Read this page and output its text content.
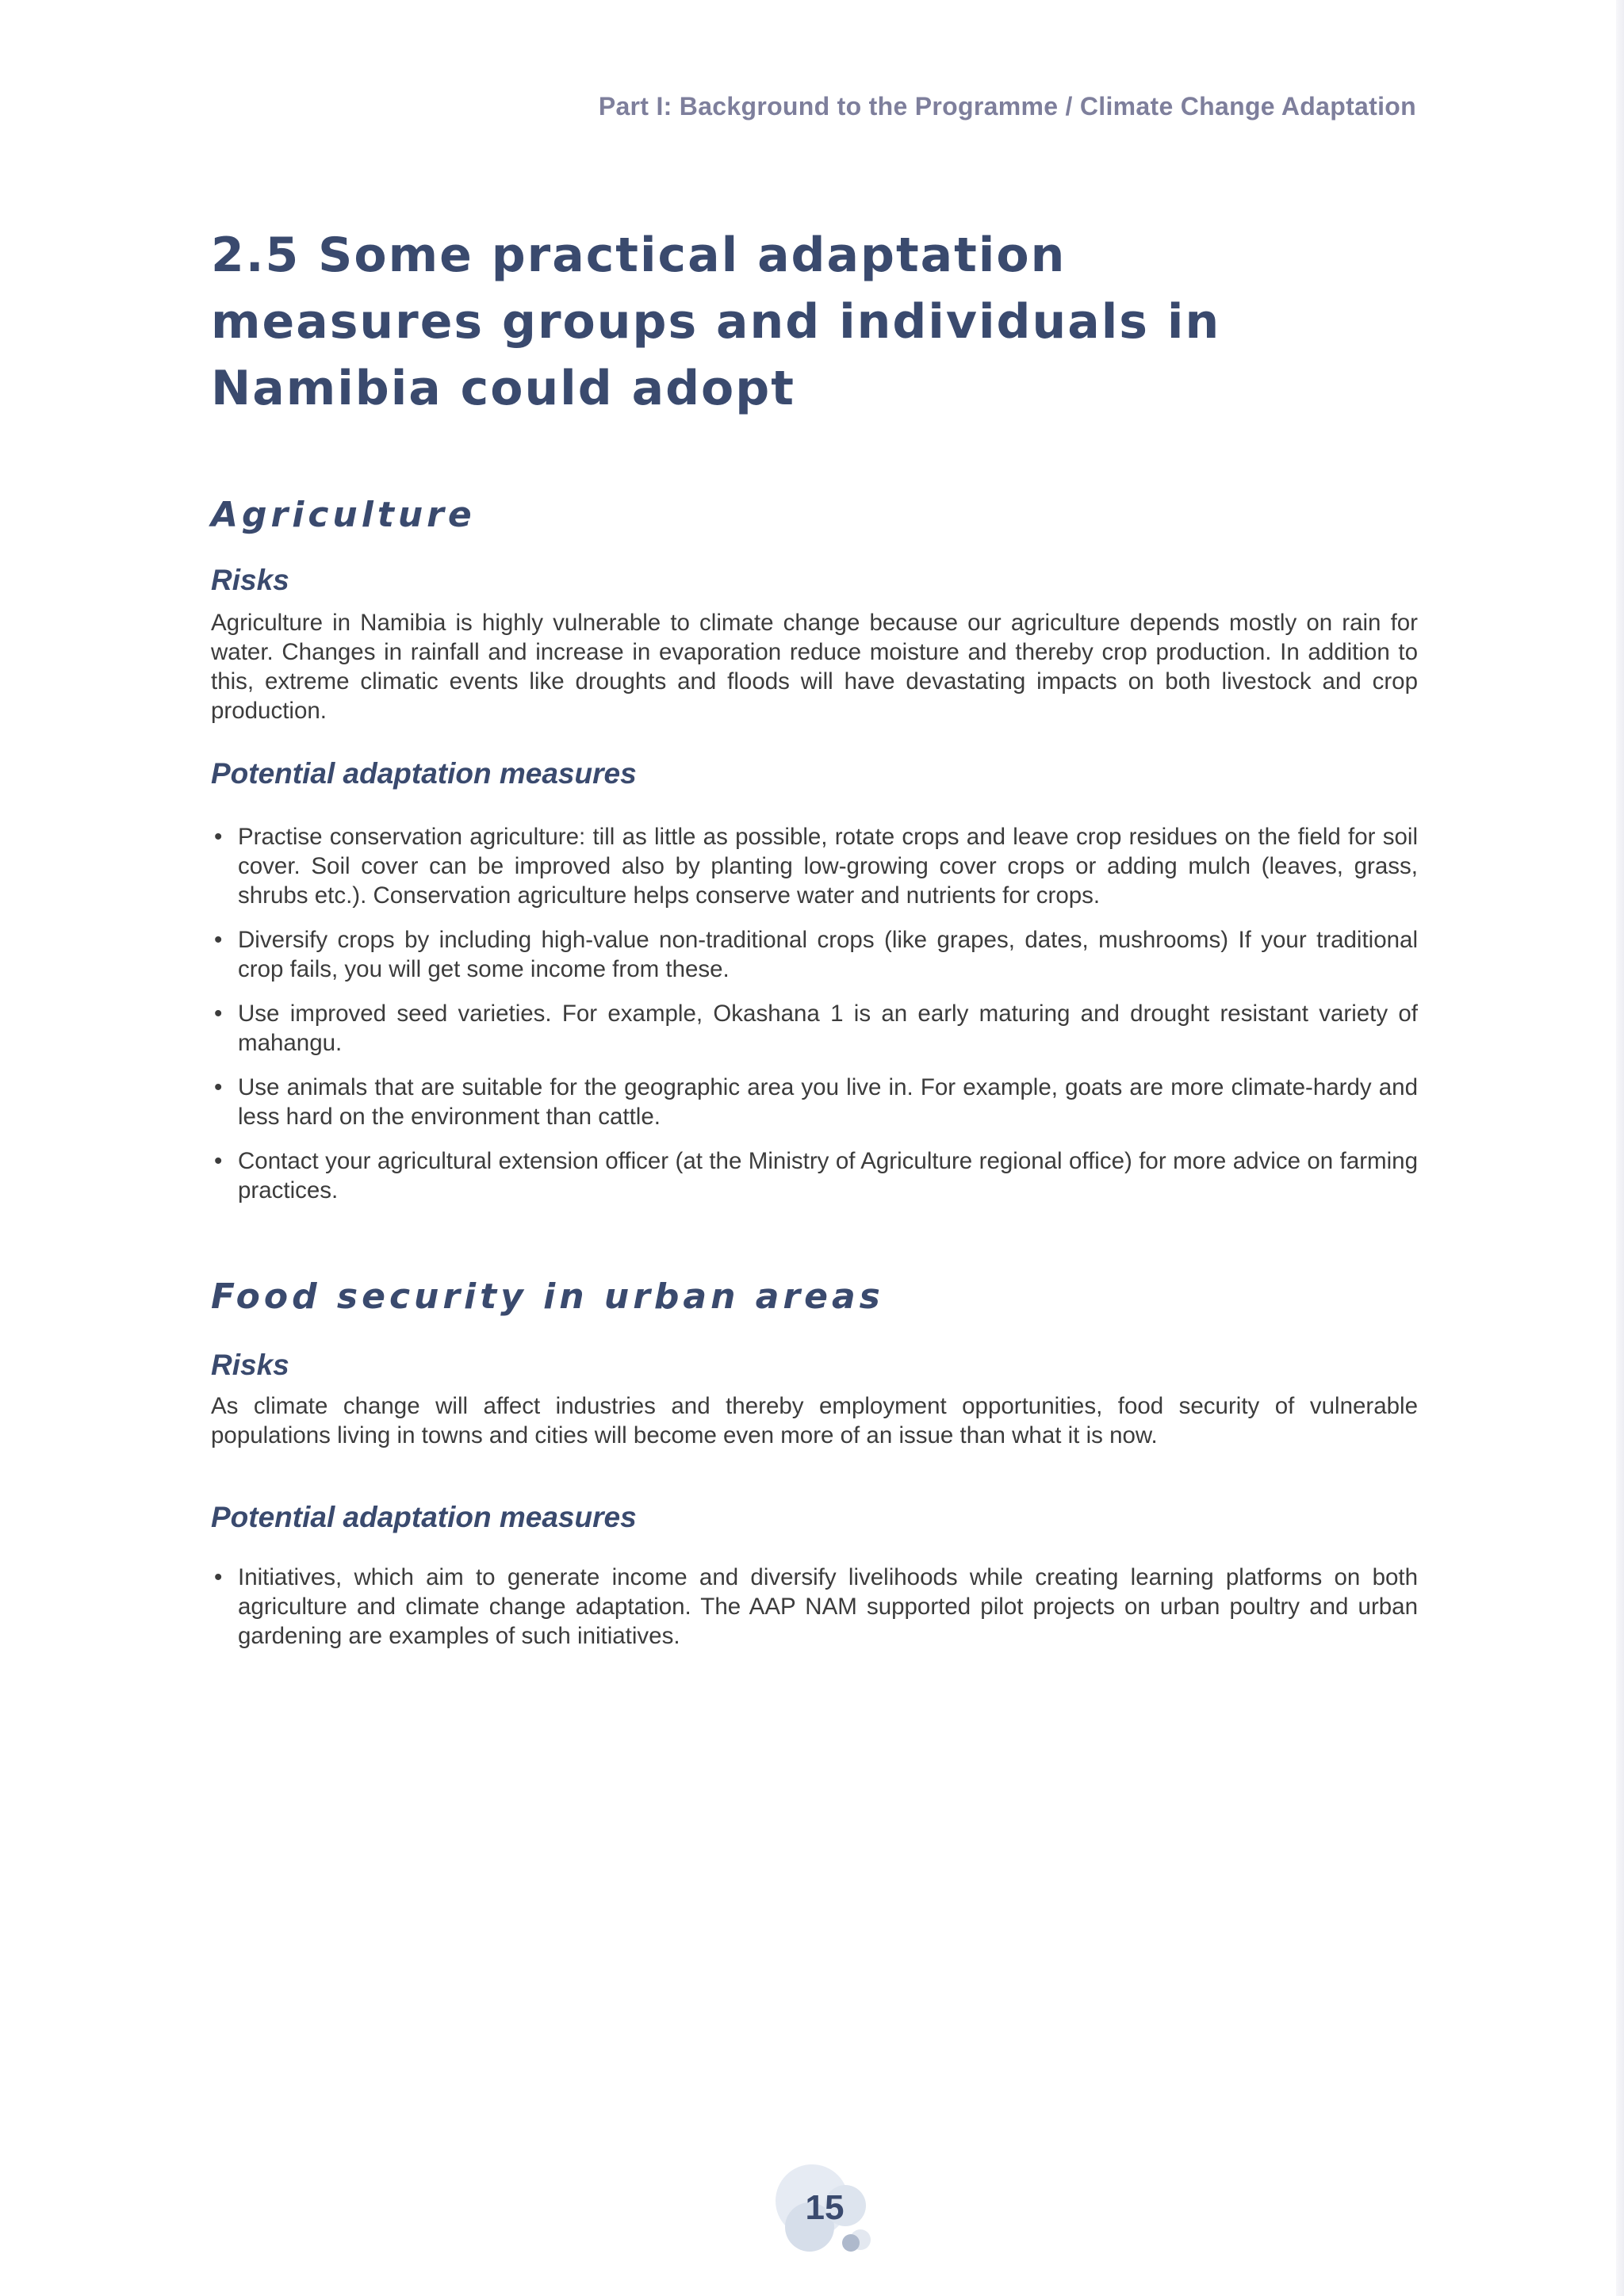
Part I: Background to the Programme / Climate Change Adaptation
2.5 Some practical adaptation measures groups and individuals in Namibia could adopt
Agriculture
Risks

Agriculture in Namibia is highly vulnerable to climate change because our agriculture depends mostly on rain for water. Changes in rainfall and increase in evaporation reduce moisture and thereby crop production. In addition to this, extreme climatic events like droughts and floods will have devastating impacts on both livestock and crop production.

Potential adaptation measures
• Practise conservation agriculture: till as little as possible, rotate crops and leave crop residues on the field for soil cover. Soil cover can be improved also by planting low-growing cover crops or adding mulch (leaves, grass, shrubs etc.). Conservation agriculture helps conserve water and nutrients for crops.
• Diversify crops by including high-value non-traditional crops (like grapes, dates, mushrooms) If your traditional crop fails, you will get some income from these.
• Use improved seed varieties. For example, Okashana 1 is an early maturing and drought resistant variety of mahangu.
• Use animals that are suitable for the geographic area you live in. For example, goats are more climate-hardy and less hard on the environment than cattle.
• Contact your agricultural extension officer (at the Ministry of Agriculture regional office) for more advice on farming practices.
Food security in urban areas
Risks

As climate change will affect industries and thereby employment opportunities, food security of vulnerable populations living in towns and cities will become even more of an issue than what it is now.

Potential adaptation measures
• Initiatives, which aim to generate income and diversify livelihoods while creating learning platforms on both agriculture and climate change adaptation. The AAP NAM supported pilot projects on urban poultry and urban gardening are examples of such initiatives.
15
